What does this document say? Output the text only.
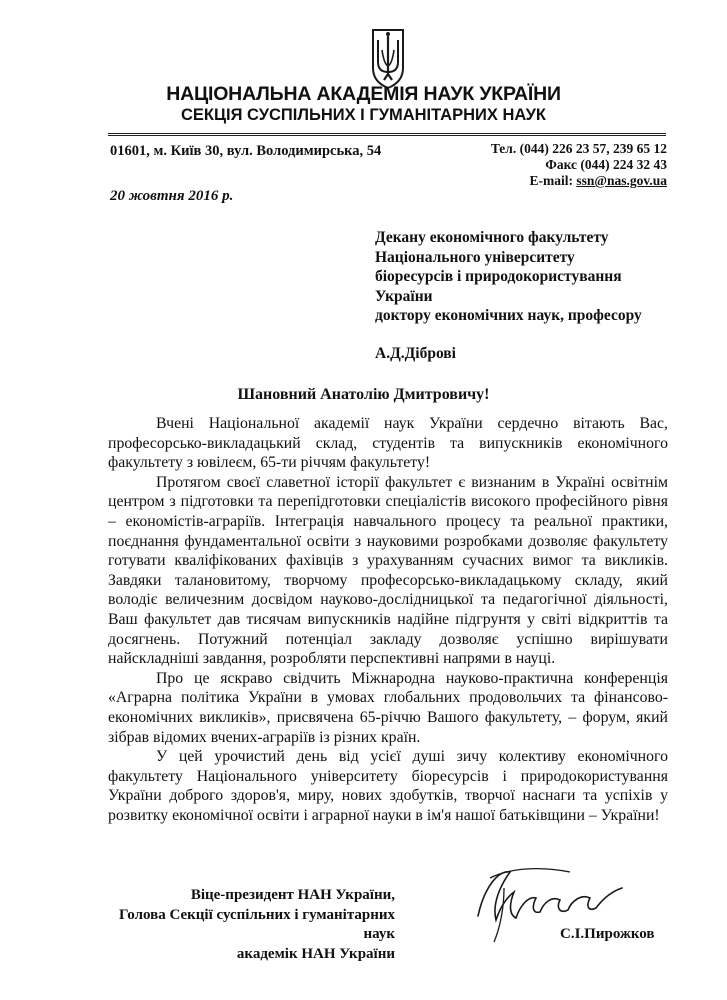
НАЦІОНАЛЬНА АКАДЕМІЯ НАУК УКРАЇНИ
СЕКЦІЯ СУСПІЛЬНИХ І ГУМАНІТАРНИХ НАУК
01601, м. Київ 30, вул. Володимирська, 54	Тел. (044) 226 23 57, 239 65 12
Факс (044) 224 32 43
E-mail: ssn@nas.gov.ua
20 жовтня 2016 р.
Декану економічного факультету
Національного університету
біоресурсів і природокористування
України
доктору економічних наук, професору
А.Д.Діброві
Шановний Анатолію Дмитровичу!

Вчені Національної академії наук України сердечно вітають Вас, професорсько-викладацький склад, студентів та випускників економічного факультету з ювілеєм, 65-ти річчям факультету!

Протягом своєї славетної історії факультет є визнаним в Україні освітнім центром з підготовки та перепідготовки спеціалістів високого професійного рівня – економістів-аграріїв. Інтеграція навчального процесу та реальної практики, поєднання фундаментальної освіти з науковими розробками дозволяє факультету готувати кваліфікованих фахівців з урахуванням сучасних вимог та викликів. Завдяки талановитому, творчому професорсько-викладацькому складу, який володіє величезним досвідом науково-дослідницької та педагогічної діяльності, Ваш факультет дав тисячам випускників надійне підгрунтя у світі відкриттів та досягнень. Потужний потенціал закладу дозволяє успішно вирішувати найскладніші завдання, розробляти перспективні напрями в науці.

Про це яскраво свідчить Міжнародна науково-практична конференція «Аграрна політика України в умовах глобальних продовольчих та фінансово-економічних викликів», присвячена 65-річчю Вашого факультету, – форум, який зібрав відомих вчених-аграріїв із різних країн.

У цей урочистий день від усієї душі зичу колективу економічного факультету Національного університету біоресурсів і природокористування України доброго здоров'я, миру, нових здобутків, творчої наснаги та успіхів у розвитку економічної освіти і аграрної науки в ім'я нашої батьківщини – України!

Віце-президент НАН України,
Голова Секції суспільних і гуманітарних наук
академік НАН України
С.І.Пирожков
